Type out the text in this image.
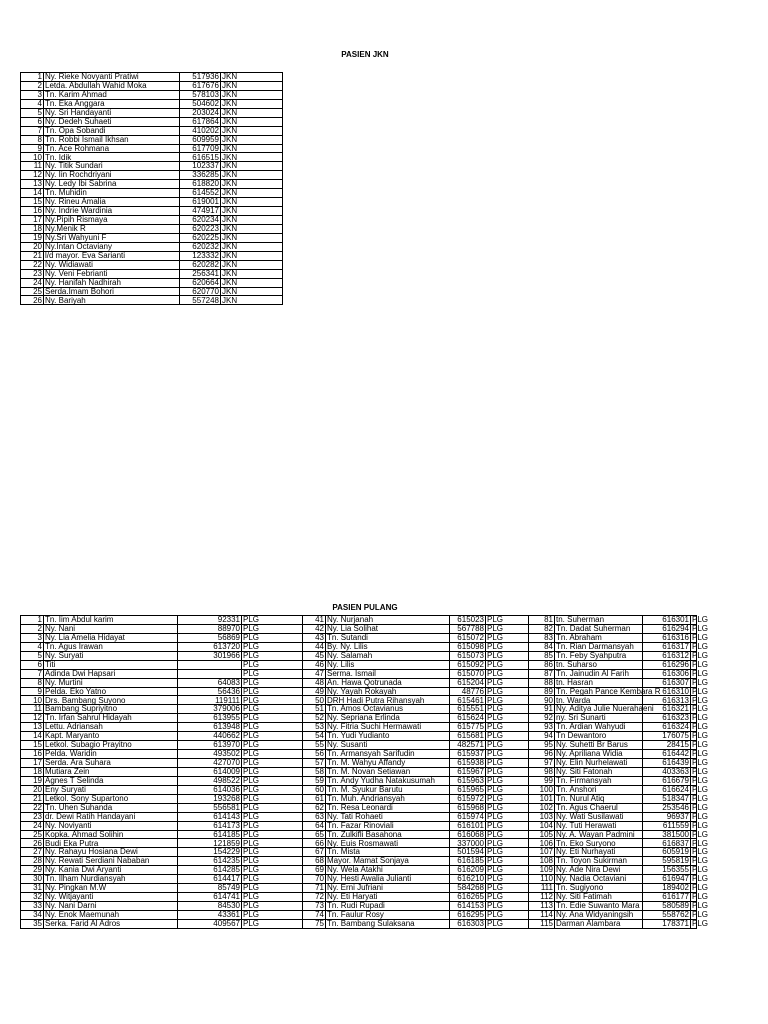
PASIEN JKN
1	Ny. Rieke Novyanti Pratiwi	517936	JKN
2	Letda. Abdullah Wahid Moka	617676	JKN
3	Tn. Karim Ahmad	578103	JKN
4	Tn. Eka Anggara	504602	JKN
5	Ny. Sri Handayanti	203024	JKN
6	Ny. Dedeh Suhaeti	617864	JKN
7	Tn. Opa Sobandi	410202	JKN
8	Tn. Robbi Ismail Ikhsan	609959	JKN
9	Tn. Ace Rohmana	617709	JKN
10	Tn. Idik	616515	JKN
11	Ny. Titik Sundari	102337	JKN
12	Ny. Iin Rochdriyani	336285	JKN
13	Ny. Ledy Ibi Sabrina	618820	JKN
14	Tn. Muhidin	614552	JKN
15	Ny. Rineu Amalia	619001	JKN
16	Ny. Indrie Wardinia	474917	JKN
17	Ny.Pipih Rismaya	620234	JKN
18	Ny.Menik R	620223	JKN
19	Ny.Sri Wahyuni F	620225	JKN
20	Ny.Intan Octaviany	620232	JKN
21	l/d mayor. Eva Sarianti	123332	JKN
22	Ny. Widiawati	620282	JKN
23	Ny. Veni Febrianti	256341	JKN
24	Ny. Hanifah Nadhirah	620664	JKN
25	Serda.Imam Bohori	620770	JKN
26	Ny. Bariyah	557248	JKN
PASIEN PULANG
1	Tn. Iim Abdul karim	92331	PLG	41	Ny. Nurjanah	615023	PLG	81	tn. Suherman	616301	PLG
2	Ny. Nani	88970	PLG	42	Ny. Lia Solihat	567788	PLG	82	Tn. Dadat Suherman	616294	PLG
3	Ny. Lia Amelia Hidayat	56869	PLG	43	Tn. Sutandi	615072	PLG	83	Tn. Abraham	616316	PLG
4	Tn. Agus Irawan	613720	PLG	44	By. Ny. Lilis	615098	PLG	84	Tn. Rian Darmansyah	616317	PLG
5	Ny. Suryati	301966	PLG	45	Ny. Salamah	615073	PLG	85	Tn. Feby Syahputra	616312	PLG
6	Titi		PLG	46	Ny. Lilis	615092	PLG	86	tn. Suharso	616296	PLG
7	Adinda Dwi Hapsari		PLG	47	Serma. Ismail	615070	PLG	87	Tn. Jainudin Al Farih	616306	PLG
8	Ny. Murtini	64083	PLG	48	An. Hawa Qotrunada	615204	PLG	88	tn. Hasran	616307	PLG
9	Pelda. Eko Yatno	56436	PLG	49	Ny. Yayah Rokayah	48776	PLG	89	Tn. Pegah Pance Kembara R	616310	PLG
10	Drs. Bambang Suyono	119111	PLG	50	DRH Hadi Putra Rihansyah	615461	PLG	90	tn. Warda	616313	PLG
11	Bambang Supriyitno	379006	PLG	51	Tn. Amos Octavianus	615551	PLG	91	Ny. Aditya Julie Nuerahaeni	616321	PLG
12	Tn. Irfan Sahrul Hidayah	613955	PLG	52	Ny. Sepriana Erlinda	615624	PLG	92	ny. Sri Sunarti	616323	PLG
13	Lettu. Adriansah	613948	PLG	53	Ny. Fitria Suchi Hermawati	615775	PLG	93	Tn. Ardian Wahyudi	616324	PLG
14	Kapt. Maryanto	440662	PLG	54	Tn. Yudi Yudianto	615681	PLG	94	Tn Dewantoro	176075	PLG
15	Letkol. Subagio Prayitno	613970	PLG	55	Ny. Susanti	482571	PLG	95	Ny. Suhetti Br Barus	28415	PLG
16	Pelda. Waridin	493502	PLG	56	Tn. Armansyah Sarifudin	615937	PLG	96	Ny. Apriliana Widia	616442	PLG
17	Serda. Ara Suhara	427070	PLG	57	Tn. M. Wahyu Affandy	615938	PLG	97	Ny. Elin Nurhelawati	616439	PLG
18	Mutiara Zein	614009	PLG	58	Tn. M. Novan Setiawan	615967	PLG	98	Ny. Siti Fatonah	403363	PLG
19	Agnes T Selinda	498522	PLG	59	Tn. Andy Yudha Natakusumah	615963	PLG	99	Tn. Firmansyah	616679	PLG
20	Eny Suryati	614036	PLG	60	Tn. M. Syukur Barutu	615965	PLG	100	Tn. Anshori	616624	PLG
21	Letkol. Sony Supartono	193268	PLG	61	Tn. Muh. Andriansyah	615972	PLG	101	Tn. Nurul Atiq	518347	PLG
22	Tn. Uhen Suhanda	556581	PLG	62	Tn. Resa Leonardi	615968	PLG	102	Tn. Agus Chaerul	253546	PLG
23	dr. Dewi Ratih Handayani	614143	PLG	63	Ny. Tati Rohaeti	615974	PLG	103	Ny. Wati Susilawati	96937	PLG
24	Ny. Noviyanti	614173	PLG	64	Tn. Fazar Rinoviali	616101	PLG	104	Ny. Tuti Herawati	611559	PLG
25	Kopka. Ahmad Solihin	614185	PLG	65	Tn. Zulkifli Basahona	616068	PLG	105	Ny. A. Wayan Padmini	381500	PLG
26	Budi Eka Putra	121859	PLG	66	Ny. Euis Rosmawati	337000	PLG	106	Tn. Eko Suryono	616837	PLG
27	Ny. Rahayu Hosiana Dewi	154229	PLG	67	Tn. Mista	501594	PLG	107	Ny. Eti Nurhayati	605919	PLG
28	Ny. Rewati Serdiani Nababan	614235	PLG	68	Mayor. Mamat Sonjaya	616185	PLG	108	Tn. Toyon Sukirman	595819	PLG
29	Ny. Kania Dwi Aryanti	614285	PLG	69	Ny. Wela Atakhi	616209	PLG	109	Ny. Ade Nira Dewi	156355	PLG
30	Tn. Ilham Nurdiansyah	614417	PLG	70	Ny. Hesti Awalia Julianti	616210	PLG	110	Ny. Nadia Octaviani	616947	PLG
31	Ny. Pingkan M.W	85749	PLG	71	Ny. Erni Jufriani	584268	PLG	111	Tn. Sugiyono	189402	PLG
32	Ny. Witjayanti	614741	PLG	72	Ny. Eti Haryati	616265	PLG	112	Ny. Siti Fatimah	616177	PLG
33	Ny. Nani Darni	84530	PLG	73	Tn. Rudi Rupadi	614153	PLG	113	Tn. Edie Suwanto Mara	580589	PLG
34	Ny. Enok Maemunah	43361	PLG	74	Tn. Faulur Rosy	616295	PLG	114	Ny. Ana Widyaningsih	558762	PLG
35	Serka. Farid Al Adros	409567	PLG	75	Tn. Bambang Sulaksana	616303	PLG	115	Darman Alambara	178371	PLG
